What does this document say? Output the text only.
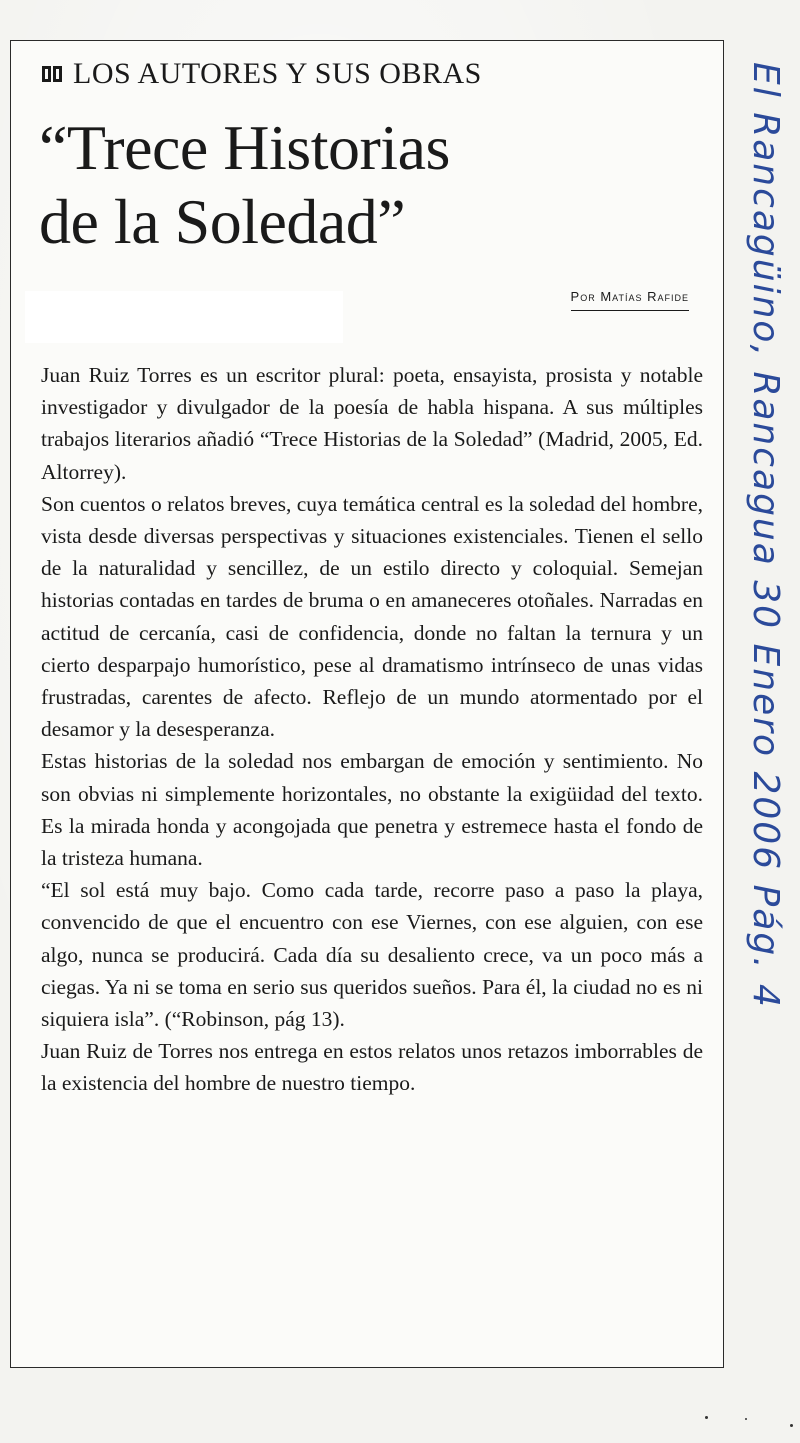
LOS AUTORES Y SUS OBRAS
“Trece Historias
de la Soledad”
Por Matías Rafide

Juan Ruiz Torres es un escritor plural: poeta, ensayista, prosista y notable investigador y divulgador de la poesía de habla hispana. A sus múltiples trabajos literarios añadió “Trece Historias de la Soledad” (Madrid, 2005, Ed. Altorrey).

Son cuentos o relatos breves, cuya temática central es la soledad del hombre, vista desde diversas perspectivas y situaciones existenciales. Tienen el sello de la naturalidad y sencillez, de un estilo directo y coloquial. Semejan historias contadas en tardes de bruma o en amaneceres otoñales. Narradas en actitud de cercanía, casi de confidencia, donde no faltan la ternura y un cierto desparpajo humorístico, pese al dramatismo intrínseco de unas vidas frustradas, carentes de afecto. Reflejo de un mundo atormentado por el desamor y la desesperanza.

Estas historias de la soledad nos embargan de emoción y sentimiento. No son obvias ni simplemente horizontales, no obstante la exigüidad del texto. Es la mirada honda y acongojada que penetra y estremece hasta el fondo de la tristeza humana.

“El sol está muy bajo. Como cada tarde, recorre paso a paso la playa, convencido de que el encuentro con ese Viernes, con ese alguien, con ese algo, nunca se producirá. Cada día su desaliento crece, va un poco más a ciegas. Ya ni se toma en serio sus queridos sueños. Para él, la ciudad no es ni siquiera isla”. (“Robinson, pág 13).

Juan Ruiz de Torres nos entrega en estos relatos unos retazos imborrables de la existencia del hombre de nuestro tiempo.

El Rancagüino, Rancagua 30 Enero 2006 Pág. 4
